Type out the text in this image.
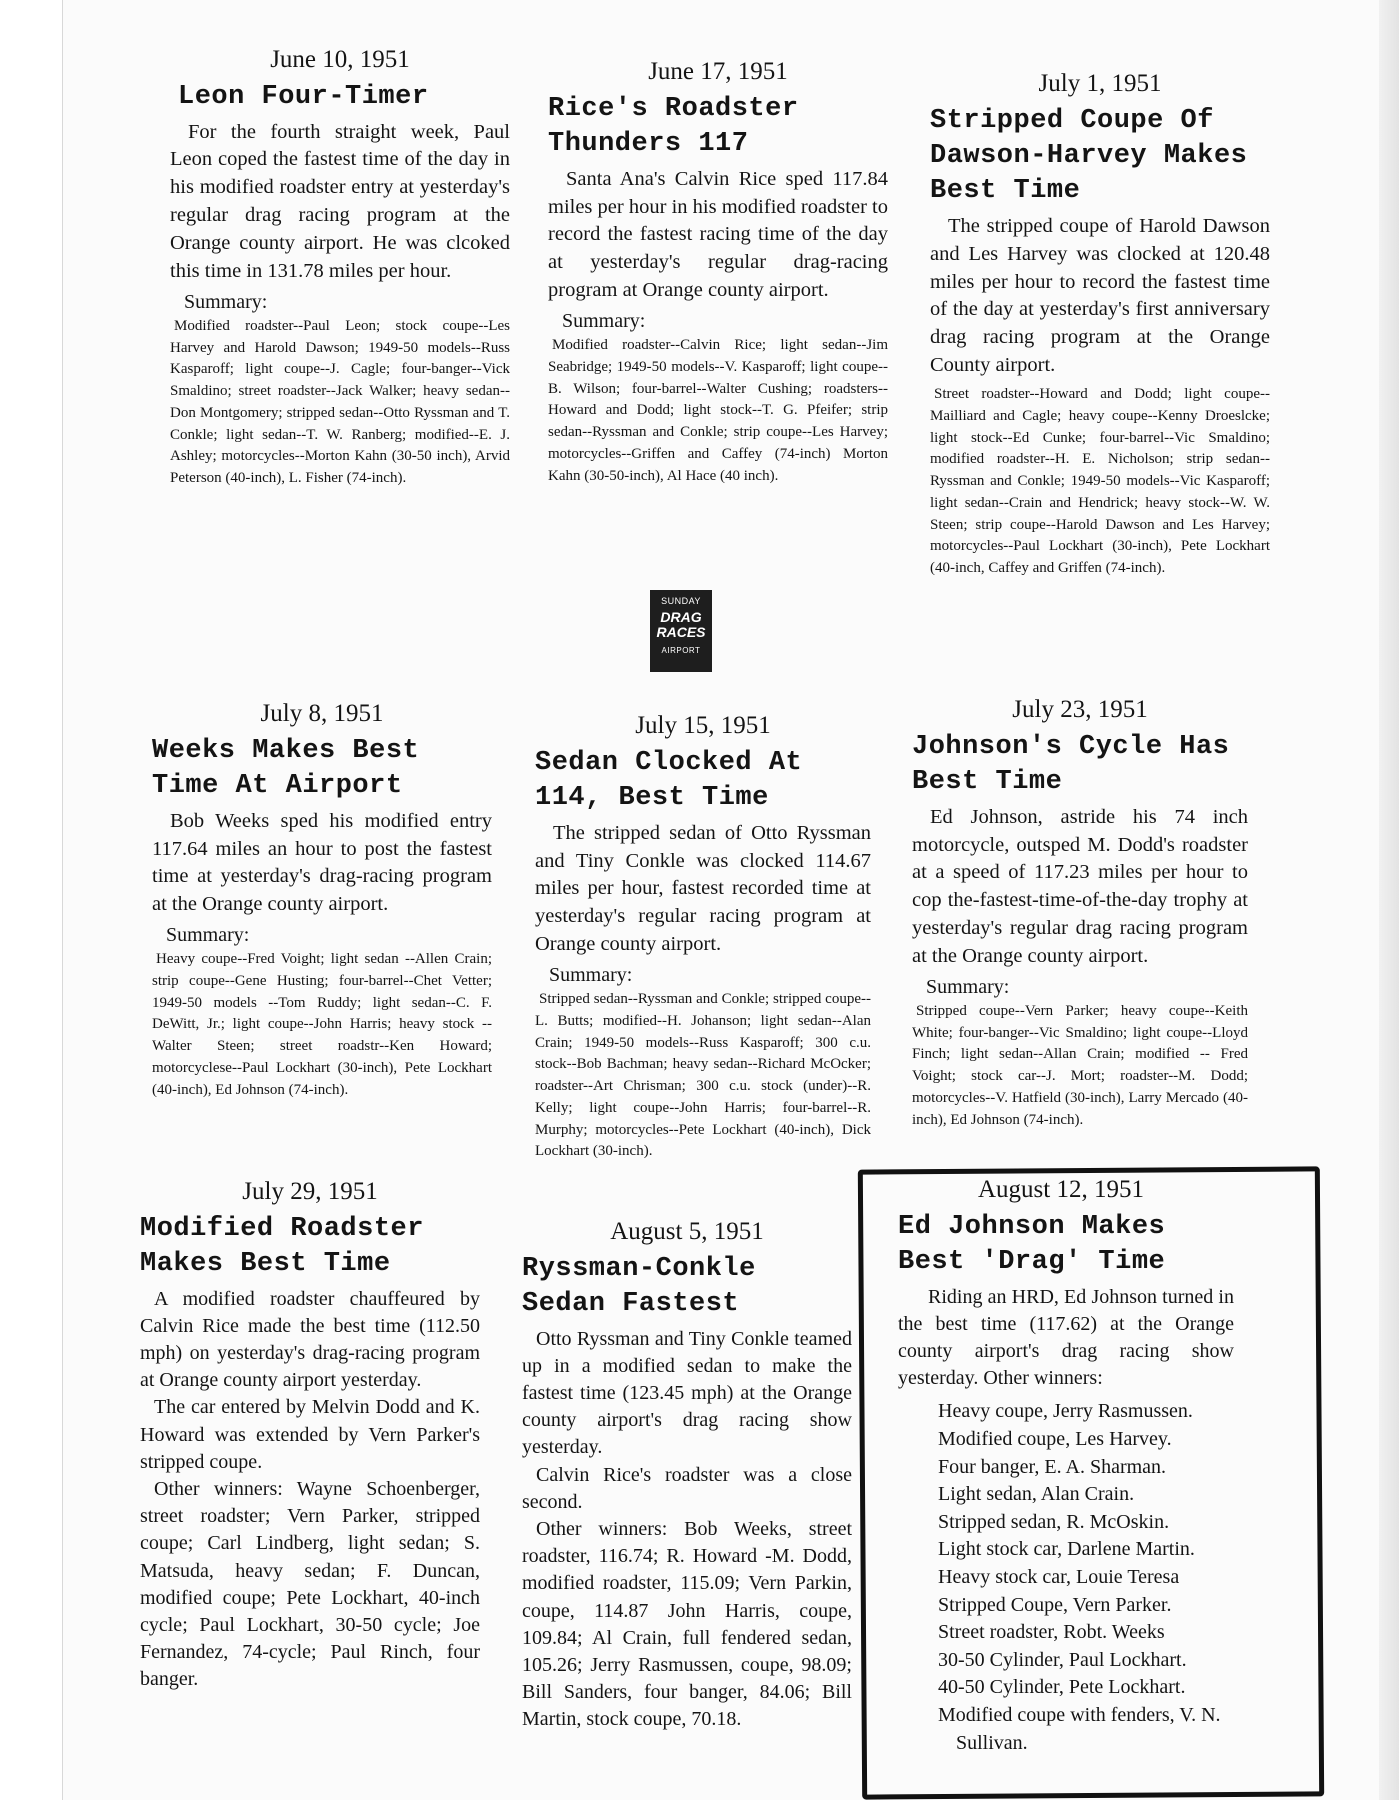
June 10, 1951
Leon Four-Timer

For the fourth straight week, Paul Leon coped the fastest time of the day in his modified roadster entry at yesterday's regular drag racing program at the Orange county airport. He was clcoked this time in 131.78 miles per hour.

Summary:

Modified roadster--Paul Leon; stock coupe--Les Harvey and Harold Dawson; 1949-50 models--Russ Kasparoff; light coupe--J. Cagle; four-banger--Vick Smaldino; street roadster--Jack Walker; heavy sedan--Don Montgomery; stripped sedan--Otto Ryssman and T. Conkle; light sedan--T. W. Ranberg; modified--E. J. Ashley; motorcycles--Morton Kahn (30-50 inch), Arvid Peterson (40-inch), L. Fisher (74-inch).

June 17, 1951
Rice's Roadster Thunders 117

Santa Ana's Calvin Rice sped 117.84 miles per hour in his modified roadster to record the fastest racing time of the day at yesterday's regular drag-racing program at Orange county airport.

Summary:

Modified roadster--Calvin Rice; light sedan--Jim Seabridge; 1949-50 models--V. Kasparoff; light coupe--B. Wilson; four-barrel--Walter Cushing; roadsters--Howard and Dodd; light stock--T. G. Pfeifer; strip sedan--Ryssman and Conkle; strip coupe--Les Harvey; motorcycles--Griffen and Caffey (74-inch) Morton Kahn (30-50-inch), Al Hace (40 inch).

SUNDAY
DRAG RACES
AIRPORT
July 1, 1951
Stripped Coupe Of Dawson-Harvey Makes Best Time

The stripped coupe of Harold Dawson and Les Harvey was clocked at 120.48 miles per hour to record the fastest time of the day at yesterday's first anniversary drag racing program at the Orange County airport.

Street roadster--Howard and Dodd; light coupe--Mailliard and Cagle; heavy coupe--Kenny Droeslcke; light stock--Ed Cunke; four-barrel--Vic Smaldino; modified roadster--H. E. Nicholson; strip sedan--Ryssman and Conkle; 1949-50 models--Vic Kasparoff; light sedan--Crain and Hendrick; heavy stock--W. W. Steen; strip coupe--Harold Dawson and Les Harvey; motorcycles--Paul Lockhart (30-inch), Pete Lockhart (40-inch, Caffey and Griffen (74-inch).

July 8, 1951
Weeks Makes Best Time At Airport

Bob Weeks sped his modified entry 117.64 miles an hour to post the fastest time at yesterday's drag-racing program at the Orange county airport.

Summary:

Heavy coupe--Fred Voight; light sedan --Allen Crain; strip coupe--Gene Husting; four-barrel--Chet Vetter; 1949-50 models --Tom Ruddy; light sedan--C. F. DeWitt, Jr.; light coupe--John Harris; heavy stock --Walter Steen; street roadstr--Ken Howard; motorcyclese--Paul Lockhart (30-inch), Pete Lockhart (40-inch), Ed Johnson (74-inch).

July 15, 1951
Sedan Clocked At 114, Best Time

The stripped sedan of Otto Ryssman and Tiny Conkle was clocked 114.67 miles per hour, fastest recorded time at yesterday's regular racing program at Orange county airport.

Summary:

Stripped sedan--Ryssman and Conkle; stripped coupe--L. Butts; modified--H. Johanson; light sedan--Alan Crain; 1949-50 models--Russ Kasparoff; 300 c.u. stock--Bob Bachman; heavy sedan--Richard McOcker; roadster--Art Chrisman; 300 c.u. stock (under)--R. Kelly; light coupe--John Harris; four-barrel--R. Murphy; motorcycles--Pete Lockhart (40-inch), Dick Lockhart (30-inch).

July 23, 1951
Johnson's Cycle Has Best Time

Ed Johnson, astride his 74 inch motorcycle, outsped M. Dodd's roadster at a speed of 117.23 miles per hour to cop the-fastest-time-of-the-day trophy at yesterday's regular drag racing program at the Orange county airport.

Summary:

Stripped coupe--Vern Parker; heavy coupe--Keith White; four-banger--Vic Smaldino; light coupe--Lloyd Finch; light sedan--Allan Crain; modified -- Fred Voight; stock car--J. Mort; roadster--M. Dodd; motorcycles--V. Hatfield (30-inch), Larry Mercado (40-inch), Ed Johnson (74-inch).

July 29, 1951
Modified Roadster Makes Best Time

A modified roadster chauffeured by Calvin Rice made the best time (112.50 mph) on yesterday's drag-racing program at Orange county airport yesterday.

The car entered by Melvin Dodd and K. Howard was extended by Vern Parker's stripped coupe.

Other winners: Wayne Schoenberger, street roadster; Vern Parker, stripped coupe; Carl Lindberg, light sedan; S. Matsuda, heavy sedan; F. Duncan, modified coupe; Pete Lockhart, 40-inch cycle; Paul Lockhart, 30-50 cycle; Joe Fernandez, 74-cycle; Paul Rinch, four banger.

August 5, 1951
Ryssman-Conkle Sedan Fastest

Otto Ryssman and Tiny Conkle teamed up in a modified sedan to make the fastest time (123.45 mph) at the Orange county airport's drag racing show yesterday.

Calvin Rice's roadster was a close second.

Other winners: Bob Weeks, street roadster, 116.74; R. Howard -M. Dodd, modified roadster, 115.09; Vern Parkin, coupe, 114.87 John Harris, coupe, 109.84; Al Crain, full fendered sedan, 105.26; Jerry Rasmussen, coupe, 98.09; Bill Sanders, four banger, 84.06; Bill Martin, stock coupe, 70.18.

August 12, 1951
Ed Johnson Makes Best 'Drag' Time

Riding an HRD, Ed Johnson turned in the best time (117.62) at the Orange county airport's drag racing show yesterday. Other winners:

Heavy coupe, Jerry Rasmussen.
Modified coupe, Les Harvey.
Four banger, E. A. Sharman.
Light sedan, Alan Crain.
Stripped sedan, R. McOskin.
Light stock car, Darlene Martin.
Heavy stock car, Louie Teresa
Stripped Coupe, Vern Parker.
Street roadster, Robt. Weeks
30-50 Cylinder, Paul Lockhart.
40-50 Cylinder, Pete Lockhart.
Modified coupe with fenders, V. N. Sullivan.
